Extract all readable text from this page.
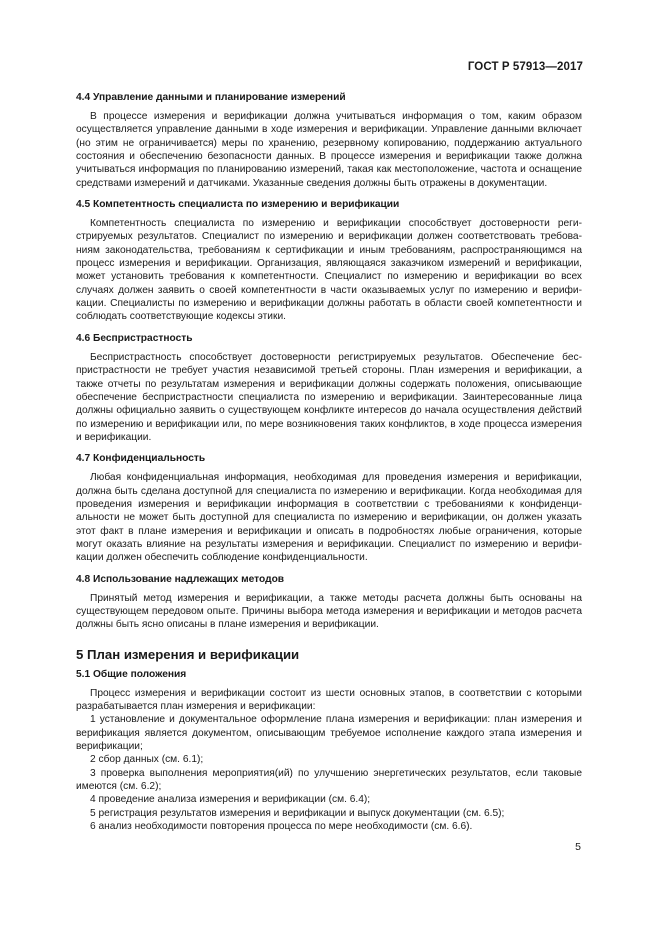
ГОСТ Р 57913—2017
4.4 Управление данными и планирование измерений
В процессе измерения и верификации должна учитываться информация о том, каким образом осуществляется управление данными в ходе измерения и верификации. Управление данными включает (но этим не ограничивается) меры по хранению, резервному копированию, поддержанию актуального состояния и обеспечению безопасности данных. В процессе измерения и верификации также должна учитываться информация по планированию измерений, такая как местоположение, частота и оснащение средствами измерений и датчиками. Указанные сведения должны быть отражены в документации.
4.5 Компетентность специалиста по измерению и верификации
Компетентность специалиста по измерению и верификации способствует достоверности регистрируемых результатов. Специалист по измерению и верификации должен соответствовать требованиям законодательства, требованиям к сертификации и иным требованиям, распространяющимся на процесс измерения и верификации. Организация, являющаяся заказчиком измерений и верификации, может установить требования к компетентности. Специалист по измерению и верификации во всех случаях должен заявить о своей компетентности в части оказываемых услуг по измерению и верификации. Специалисты по измерению и верификации должны работать в области своей компетентности и соблюдать соответствующие кодексы этики.
4.6 Беспристрастность
Беспристрастность способствует достоверности регистрируемых результатов. Обеспечение беспристрастности не требует участия независимой третьей стороны. План измерения и верификации, а также отчеты по результатам измерения и верификации должны содержать положения, описывающие обеспечение беспристрастности специалиста по измерению и верификации. Заинтересованные лица должны официально заявить о существующем конфликте интересов до начала осуществления действий по измерению и верификации или, по мере возникновения таких конфликтов, в ходе процесса измерения и верификации.
4.7 Конфиденциальность
Любая конфиденциальная информация, необходимая для проведения измерения и верификации, должна быть сделана доступной для специалиста по измерению и верификации. Когда необходимая для проведения измерения и верификации информация в соответствии с требованиями к конфиденциальности не может быть доступной для специалиста по измерению и верификации, он должен указать этот факт в плане измерения и верификации и описать в подробностях любые ограничения, которые могут оказать влияние на результаты измерения и верификации. Специалист по измерению и верификации должен обеспечить соблюдение конфиденциальности.
4.8 Использование надлежащих методов
Принятый метод измерения и верификации, а также методы расчета должны быть основаны на существующем передовом опыте. Причины выбора метода измерения и верификации и методов расчета должны быть ясно описаны в плане измерения и верификации.
5 План измерения и верификации
5.1 Общие положения
Процесс измерения и верификации состоит из шести основных этапов, в соответствии с которыми разрабатывается план измерения и верификации:
1 установление и документальное оформление плана измерения и верификации: план измерения и верификация является документом, описывающим требуемое исполнение каждого этапа измерения и верификации;
2 сбор данных (см. 6.1);
3 проверка выполнения мероприятия(ий) по улучшению энергетических результатов, если таковые имеются (см. 6.2);
4 проведение анализа измерения и верификации (см. 6.4);
5 регистрация результатов измерения и верификации и выпуск документации (см. 6.5);
6 анализ необходимости повторения процесса по мере необходимости (см. 6.6).
5
